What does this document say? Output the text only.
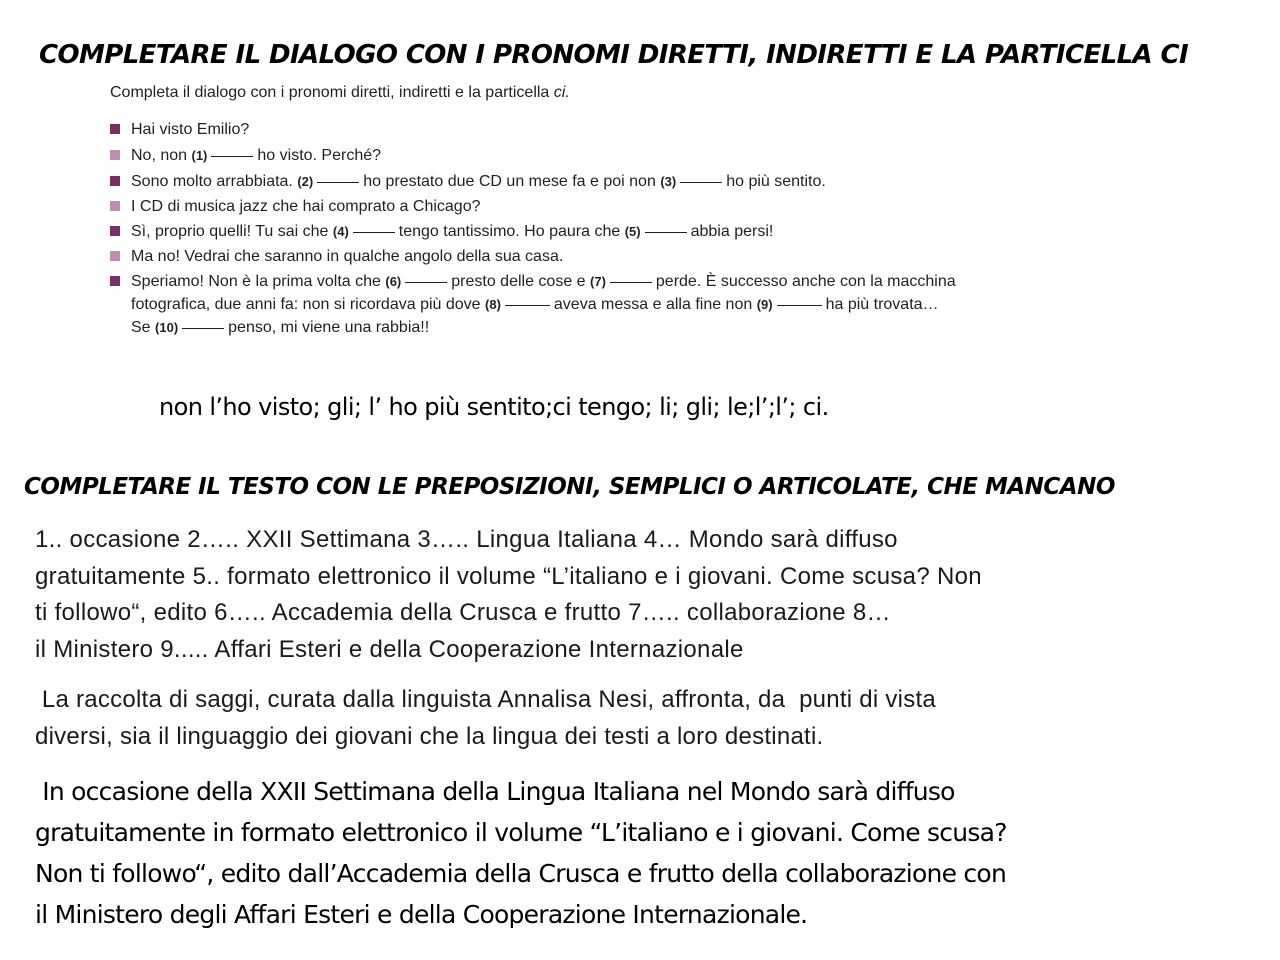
COMPLETARE IL DIALOGO CON I PRONOMI DIRETTI, INDIRETTI E LA PARTICELLA CI
Completa il dialogo con i pronomi diretti, indiretti e la particella ci.
Hai visto Emilio?
No, non (1)	ho visto. Perché?
Sono molto arrabbiata. (2)	ho prestato due CD un mese fa e poi non (3)	ho più sentito.
I CD di musica jazz che hai comprato a Chicago?
Sì, proprio quelli! Tu sai che (4)	tengo tantissimo. Ho paura che (5)	abbia persi!
Ma no! Vedrai che saranno in qualche angolo della sua casa.
Speriamo! Non è la prima volta che (6)	presto delle cose e (7)	perde. È successo anche con la macchina
fotografica, due anni fa: non si ricordava più dove (8)	aveva messa e alla fine non (9)	ha più trovata…
Se (10)	penso, mi viene una rabbia!!
non l’ho visto; gli; l’ ho più sentito;ci tengo; li; gli; le;l’;l’; ci.
COMPLETARE IL TESTO CON LE PREPOSIZIONI, SEMPLICI O ARTICOLATE, CHE MANCANO
1.. occasione 2….. XXII Settimana 3….. Lingua Italiana 4… Mondo sarà diffuso
gratuitamente 5.. formato elettronico il volume “L’italiano e i giovani. Come scusa? Non
ti followo“, edito 6….. Accademia della Crusca e frutto 7….. collaborazione 8…
il Ministero 9..... Affari Esteri e della Cooperazione Internazionale
La raccolta di saggi, curata dalla linguista Annalisa Nesi, affronta, da  punti di vista
diversi, sia il linguaggio dei giovani che la lingua dei testi a loro destinati.
In occasione della XXII Settimana della Lingua Italiana nel Mondo sarà diffuso
gratuitamente in formato elettronico il volume “L’italiano e i giovani. Come scusa?
Non ti followo“, edito dall’Accademia della Crusca e frutto della collaborazione con
il Ministero degli Affari Esteri e della Cooperazione Internazionale.
